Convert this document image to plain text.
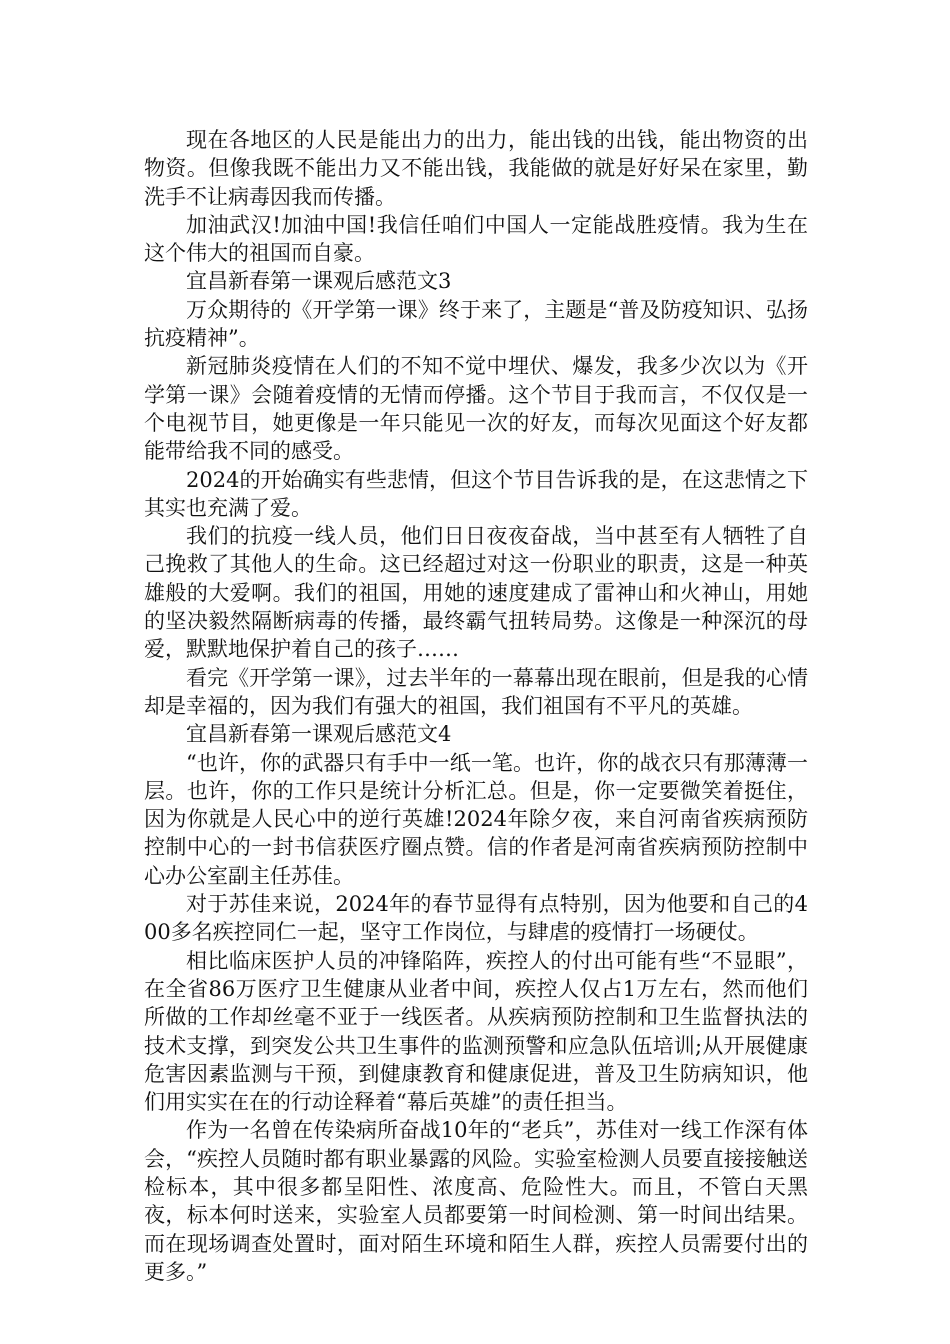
现在各地区的人民是能出力的出力，能出钱的出钱，能出物资的出物资。但像我既不能出力又不能出钱，我能做的就是好好呆在家里，勤洗手不让病毒因我而传播。

加油武汉!加油中国!我信任咱们中国人一定能战胜疫情。我为生在这个伟大的祖国而自豪。

宜昌新春第一课观后感范文3

万众期待的《开学第一课》终于来了，主题是“普及防疫知识、弘扬抗疫精神”。

新冠肺炎疫情在人们的不知不觉中埋伏、爆发，我多少次以为《开学第一课》会随着疫情的无情而停播。这个节目于我而言，不仅仅是一个电视节目，她更像是一年只能见一次的好友，而每次见面这个好友都能带给我不同的感受。

2024的开始确实有些悲情，但这个节目告诉我的是，在这悲情之下其实也充满了爱。

我们的抗疫一线人员，他们日日夜夜奋战，当中甚至有人牺牲了自己挽救了其他人的生命。这已经超过对这一份职业的职责，这是一种英雄般的大爱啊。我们的祖国，用她的速度建成了雷神山和火神山，用她的坚决毅然隔断病毒的传播，最终霸气扭转局势。这像是一种深沉的母爱，默默地保护着自己的孩子……

看完《开学第一课》，过去半年的一幕幕出现在眼前，但是我的心情却是幸福的，因为我们有强大的祖国，我们祖国有不平凡的英雄。

宜昌新春第一课观后感范文4

“也许，你的武器只有手中一纸一笔。也许，你的战衣只有那薄薄一层。也许，你的工作只是统计分析汇总。但是，你一定要微笑着挺住，因为你就是人民心中的逆行英雄!2024年除夕夜，来自河南省疾病预防控制中心的一封书信获医疗圈点赞。信的作者是河南省疾病预防控制中心办公室副主任苏佳。

对于苏佳来说，2024年的春节显得有点特别，因为他要和自己的400多名疾控同仁一起，坚守工作岗位，与肆虐的疫情打一场硬仗。

相比临床医护人员的冲锋陷阵，疾控人的付出可能有些“不显眼”，在全省86万医疗卫生健康从业者中间，疾控人仅占1万左右，然而他们所做的工作却丝毫不亚于一线医者。从疾病预防控制和卫生监督执法的技术支撑，到突发公共卫生事件的监测预警和应急队伍培训;从开展健康危害因素监测与干预，到健康教育和健康促进，普及卫生防病知识，他们用实实在在的行动诠释着“幕后英雄”的责任担当。

作为一名曾在传染病所奋战10年的“老兵”，苏佳对一线工作深有体会，“疾控人员随时都有职业暴露的风险。实验室检测人员要直接接触送检标本，其中很多都呈阳性、浓度高、危险性大。而且，不管白天黑夜，标本何时送来，实验室人员都要第一时间检测、第一时间出结果。而在现场调查处置时，面对陌生环境和陌生人群，疾控人员需要付出的更多。”
